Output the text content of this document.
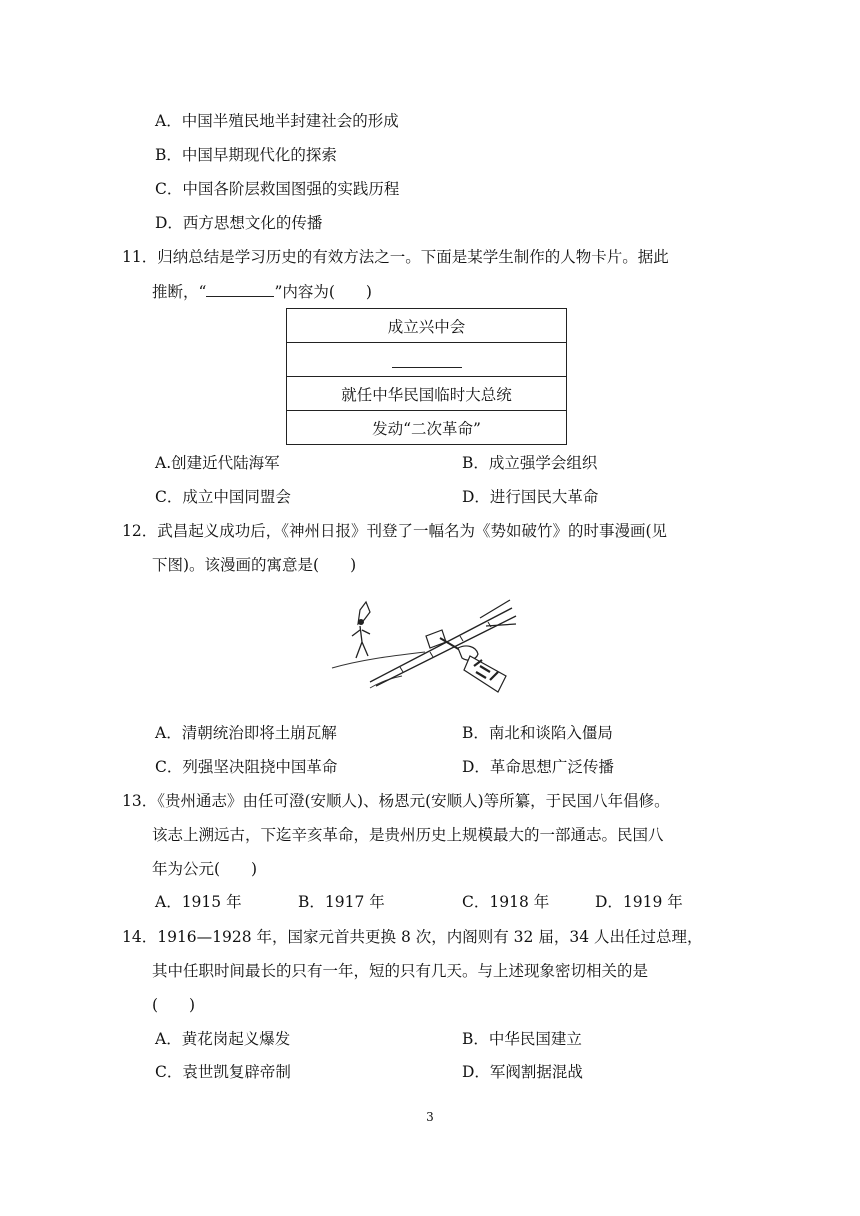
A．中国半殖民地半封建社会的形成
B．中国早期现代化的探索
C．中国各阶层救国图强的实践历程
D．西方思想文化的传播
11．归纳总结是学习历史的有效方法之一。下面是某学生制作的人物卡片。据此
推断，“	”内容为(　　)
成立兴中会

就任中华民国临时大总统
发动“二次革命”
A.创建近代陆海军	B．成立强学会组织
C．成立中国同盟会	D．进行国民大革命
12．武昌起义成功后，《神州日报》刊登了一幅名为《势如破竹》的时事漫画(见
下图)。该漫画的寓意是(　　)
A．清朝统治即将土崩瓦解	B．南北和谈陷入僵局
C．列强坚决阻挠中国革命	D．革命思想广泛传播
13．《贵州通志》由任可澄(安顺人)、杨恩元(安顺人)等所纂，于民国八年倡修。
该志上溯远古，下迄辛亥革命，是贵州历史上规模最大的一部通志。民国八
年为公元(　　)
A．1915 年	B．1917 年	C．1918 年	D．1919 年
14．1916—1928 年，国家元首共更换 8 次，内阁则有 32 届，34 人出任过总理，
其中任职时间最长的只有一年，短的只有几天。与上述现象密切相关的是
(　　)
A．黄花岗起义爆发	B．中华民国建立
C．袁世凯复辟帝制	D．军阀割据混战
3
